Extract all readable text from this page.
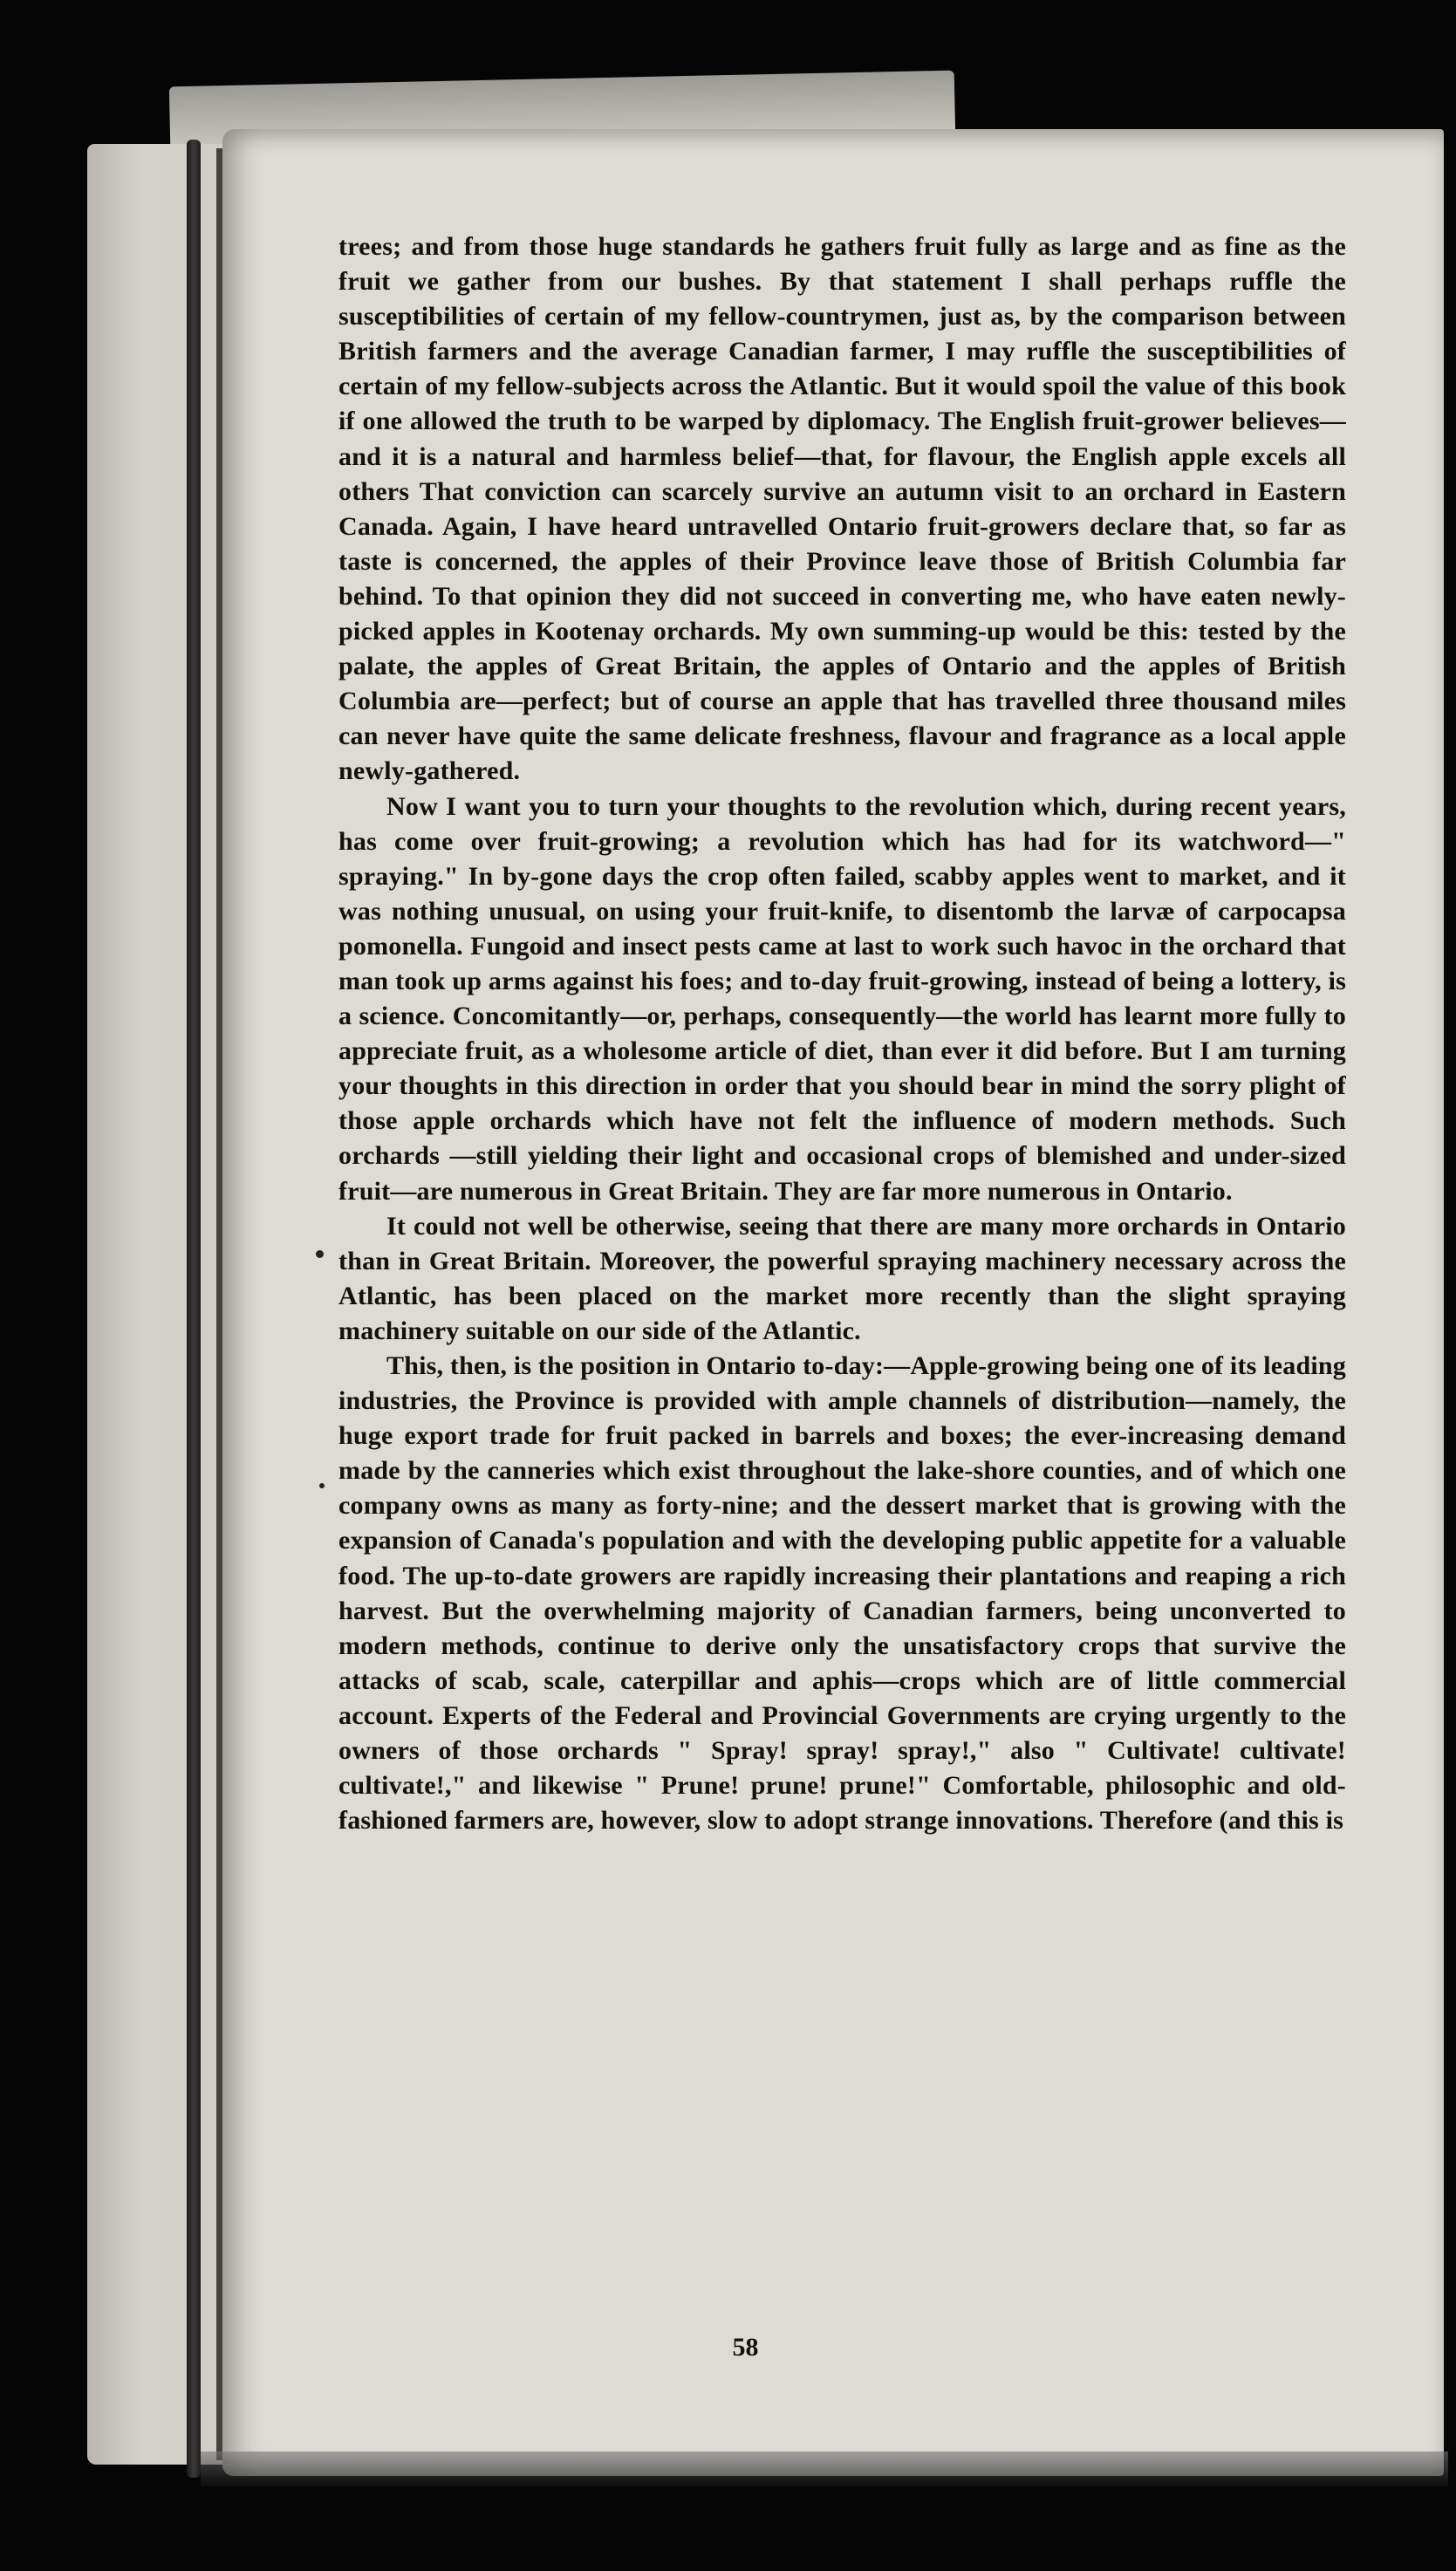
trees; and from those huge standards he gathers fruit fully as large and as fine as the fruit we gather from our bushes. By that statement I shall perhaps ruffle the susceptibilities of certain of my fellow-countrymen, just as, by the comparison between British farmers and the average Canadian farmer, I may ruffle the susceptibilities of certain of my fellow-subjects across the Atlantic. But it would spoil the value of this book if one allowed the truth to be warped by diplomacy. The English fruit-grower believes—and it is a natural and harmless belief—that, for flavour, the English apple excels all others That conviction can scarcely survive an autumn visit to an orchard in Eastern Canada. Again, I have heard untravelled Ontario fruit-growers declare that, so far as taste is concerned, the apples of their Province leave those of British Columbia far behind. To that opinion they did not succeed in converting me, who have eaten newly-picked apples in Kootenay orchards. My own summing-up would be this: tested by the palate, the apples of Great Britain, the apples of Ontario and the apples of British Columbia are—perfect; but of course an apple that has travelled three thousand miles can never have quite the same delicate freshness, flavour and fragrance as a local apple newly-gathered.

Now I want you to turn your thoughts to the revolution which, during recent years, has come over fruit-growing; a revolution which has had for its watchword—" spraying." In by-gone days the crop often failed, scabby apples went to market, and it was nothing unusual, on using your fruit-knife, to disentomb the larvæ of carpocapsa pomonella. Fungoid and insect pests came at last to work such havoc in the orchard that man took up arms against his foes; and to-day fruit-growing, instead of being a lottery, is a science. Concomitantly—or, perhaps, consequently—the world has learnt more fully to appreciate fruit, as a wholesome article of diet, than ever it did before. But I am turning your thoughts in this direction in order that you should bear in mind the sorry plight of those apple orchards which have not felt the influence of modern methods. Such orchards —still yielding their light and occasional crops of blemished and under-sized fruit—are numerous in Great Britain. They are far more numerous in Ontario.

It could not well be otherwise, seeing that there are many more orchards in Ontario than in Great Britain. Moreover, the powerful spraying machinery necessary across the Atlantic, has been placed on the market more recently than the slight spraying machinery suitable on our side of the Atlantic.

This, then, is the position in Ontario to-day:—Apple-growing being one of its leading industries, the Province is provided with ample channels of distribution—namely, the huge export trade for fruit packed in barrels and boxes; the ever-increasing demand made by the canneries which exist throughout the lake-shore counties, and of which one company owns as many as forty-nine; and the dessert market that is growing with the expansion of Canada's population and with the developing public appetite for a valuable food. The up-to-date growers are rapidly increasing their plantations and reaping a rich harvest. But the overwhelming majority of Canadian farmers, being unconverted to modern methods, continue to derive only the unsatisfactory crops that survive the attacks of scab, scale, caterpillar and aphis—crops which are of little commercial account. Experts of the Federal and Provincial Governments are crying urgently to the owners of those orchards " Spray! spray! spray!," also " Cultivate! cultivate! cultivate!," and likewise " Prune! prune! prune!" Comfortable, philosophic and old-fashioned farmers are, however, slow to adopt strange innovations. Therefore (and this is

58
